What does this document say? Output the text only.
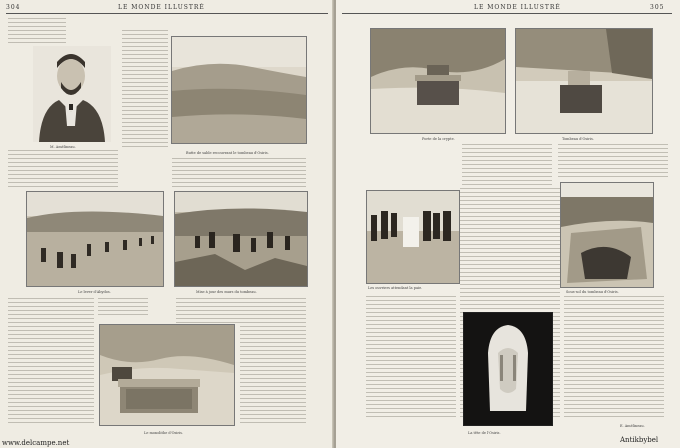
304	LE MONDE ILLUSTRÉ
M. Amélineau.
Butte de sable recouvrant le tombeau d'Osiris.
Le lever d'Abydos.	Mise à jour des murs du tombeau.
Le monolithe d'Osiris.
www.delcampe.net
LE MONDE ILLUSTRÉ	305
Porte de la crypte.	Tombeau d'Osiris.
Les ouvriers attendant la paie.
Sous-sol du tombeau d'Osiris.
La tête de l'Osiris.
E. Amélineau.
Antikbybel
